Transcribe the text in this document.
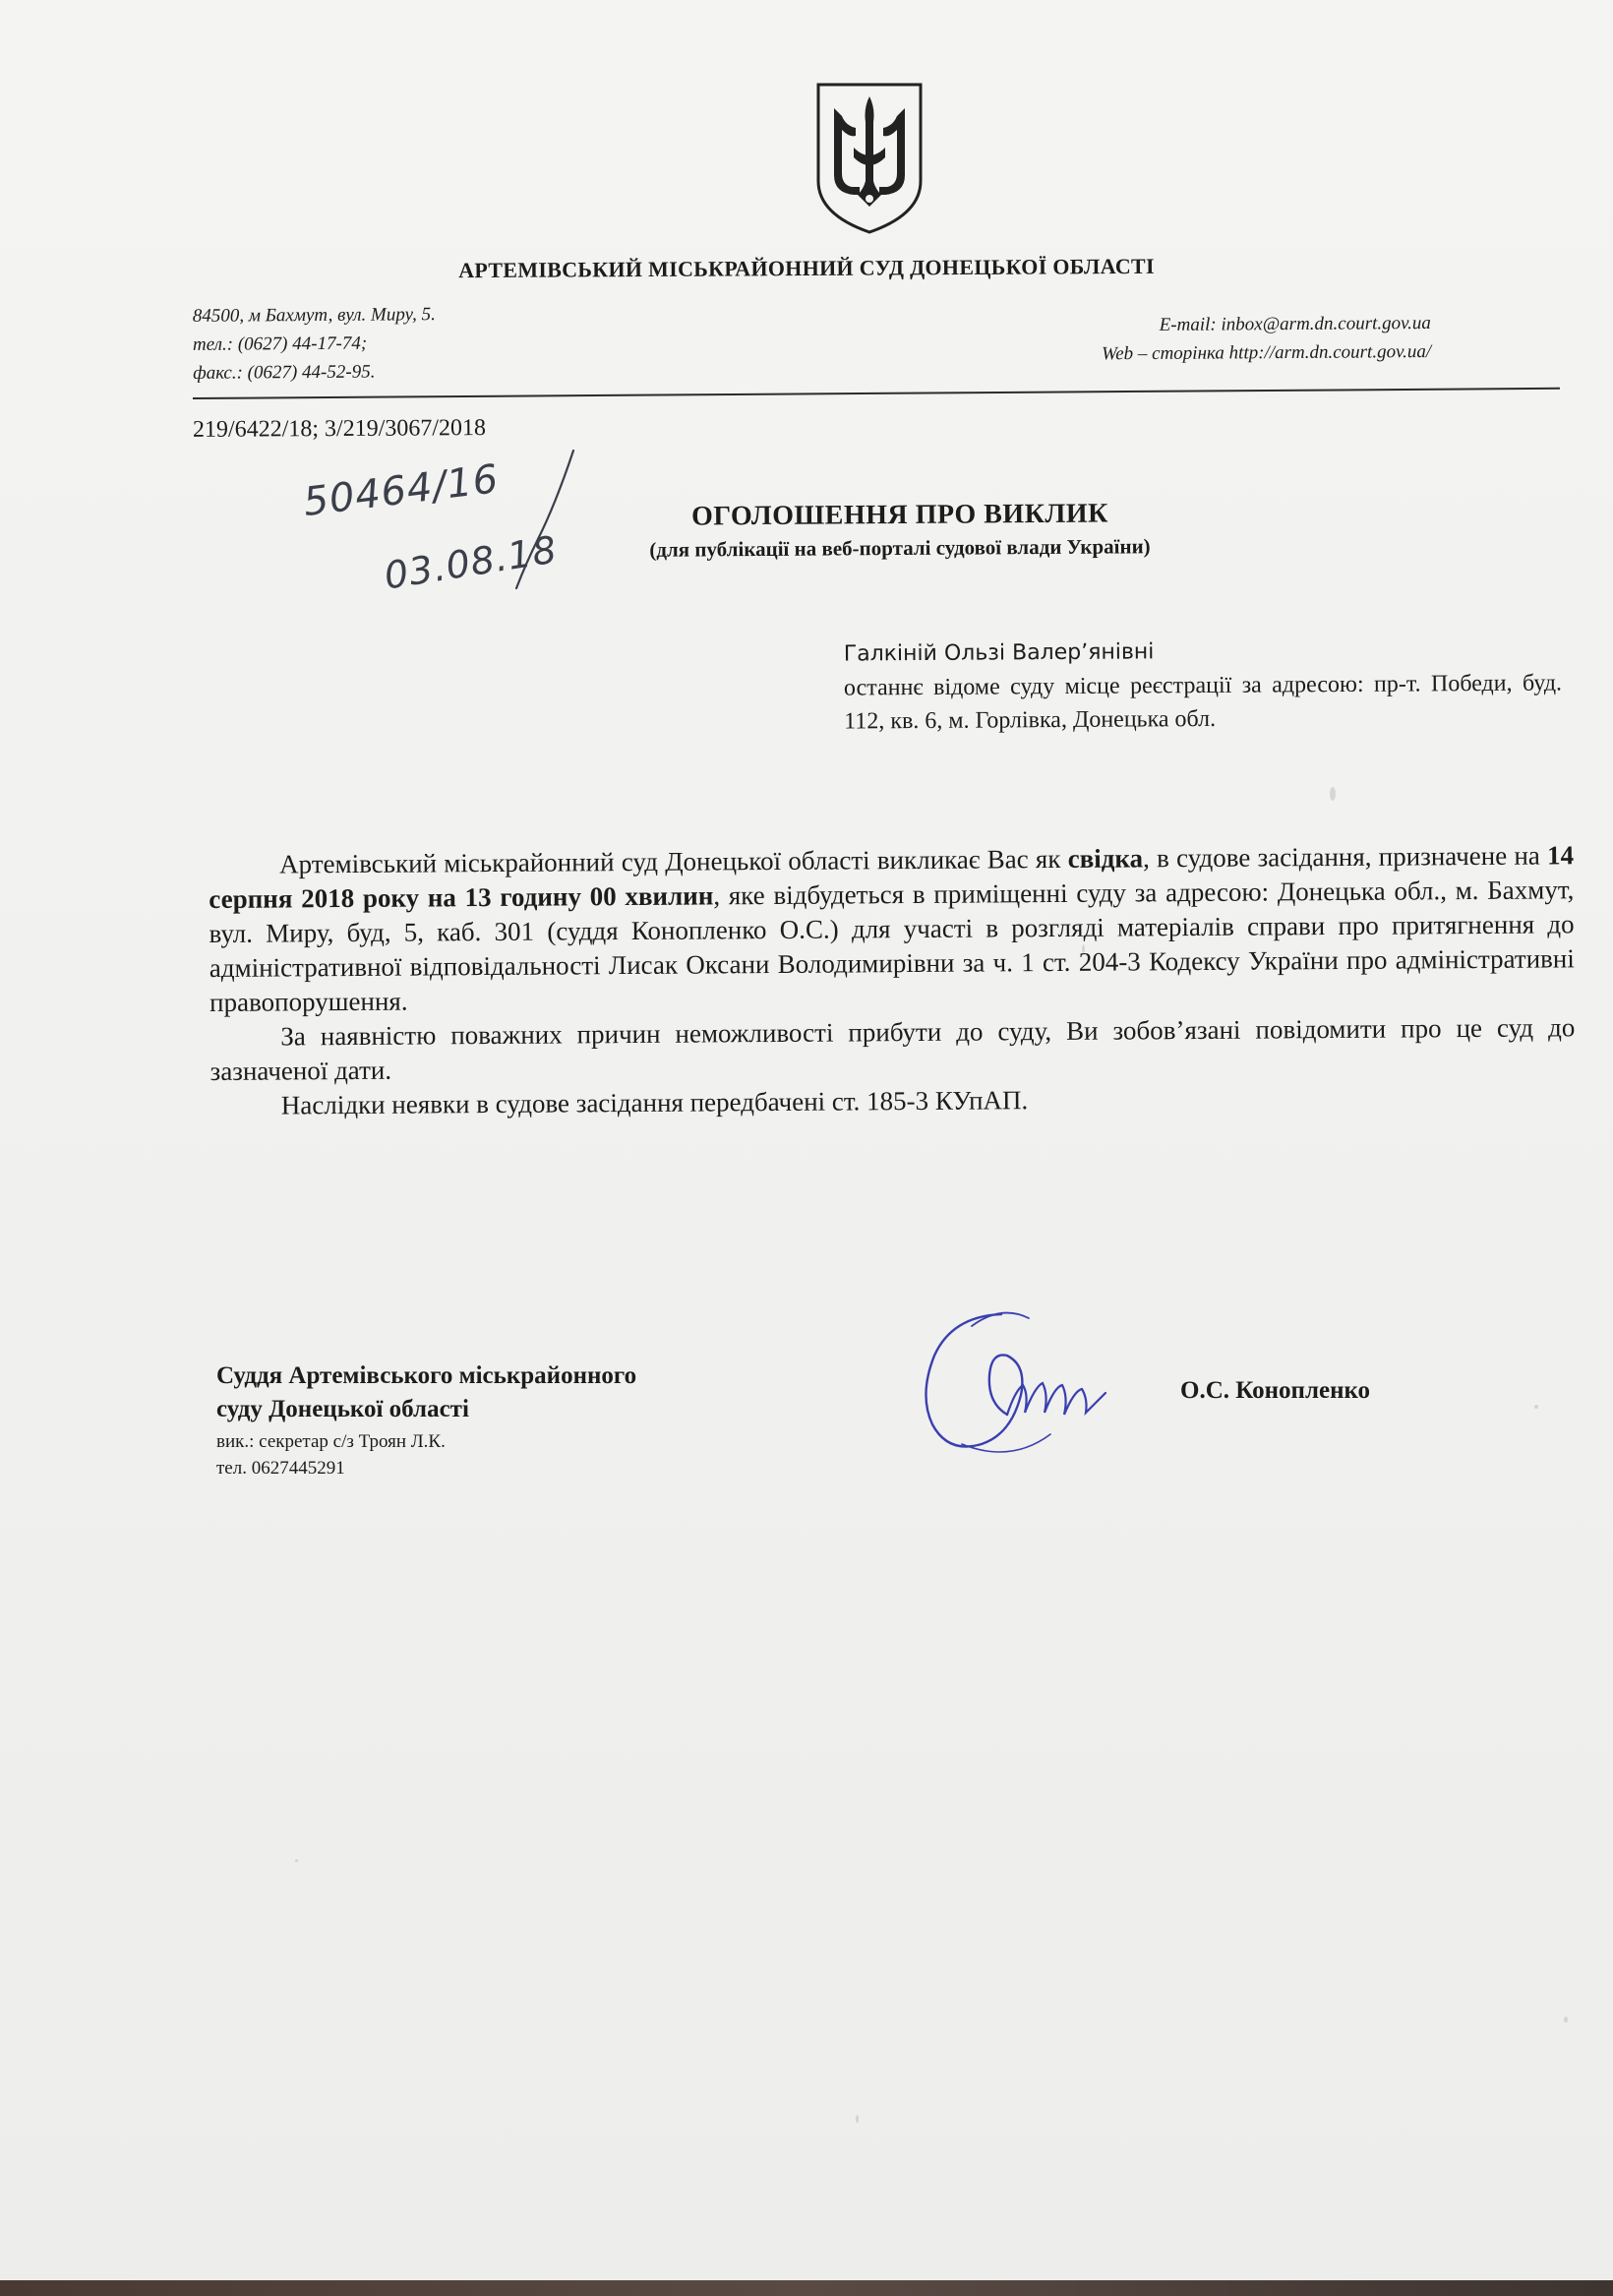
АРТЕМІВСЬКИЙ МІСЬКРАЙОННИЙ СУД ДОНЕЦЬКОЇ ОБЛАСТІ
84500, м Бахмут, вул. Миру, 5.
тел.: (0627) 44-17-74;
факс.: (0627) 44-52-95.
E-mail: inbox@arm.dn.court.gov.ua
Web – сторінка http://arm.dn.court.gov.ua/
219/6422/18; 3/219/3067/2018
50464/16
03.08.18
ОГОЛОШЕННЯ ПРО ВИКЛИК
(для публікації на веб-порталі судової влади України)
Галкіній Ользі Валер’янівні
останнє відоме суду місце реєстрації за адресою: пр-т. Победи, буд. 112, кв. 6, м. Горлівка, Донецька обл.

Артемівський міськрайонний суд Донецької області викликає Вас як свідка, в судове засідання, призначене на 14 серпня 2018 року на 13 годину 00 хвилин, яке відбудеться в приміщенні суду за адресою: Донецька обл., м. Бахмут, вул. Миру, буд, 5, каб. 301 (суддя Конопленко О.С.) для участі в розгляді матеріалів справи про притягнення до адміністративної відповідальності Лисак Оксани Володимирівни за ч. 1 ст. 204-3 Кодексу України про адміністративні правопорушення.

За наявністю поважних причин неможливості прибути до суду, Ви зобов’язані повідомити про це суд до зазначеної дати.

Наслідки неявки в судове засідання передбачені ст. 185-3 КУпАП.

Суддя Артемівського міськрайонного
суду Донецької області
вик.: секретар с/з Троян Л.К.
тел. 0627445291
О.С. Конопленко
